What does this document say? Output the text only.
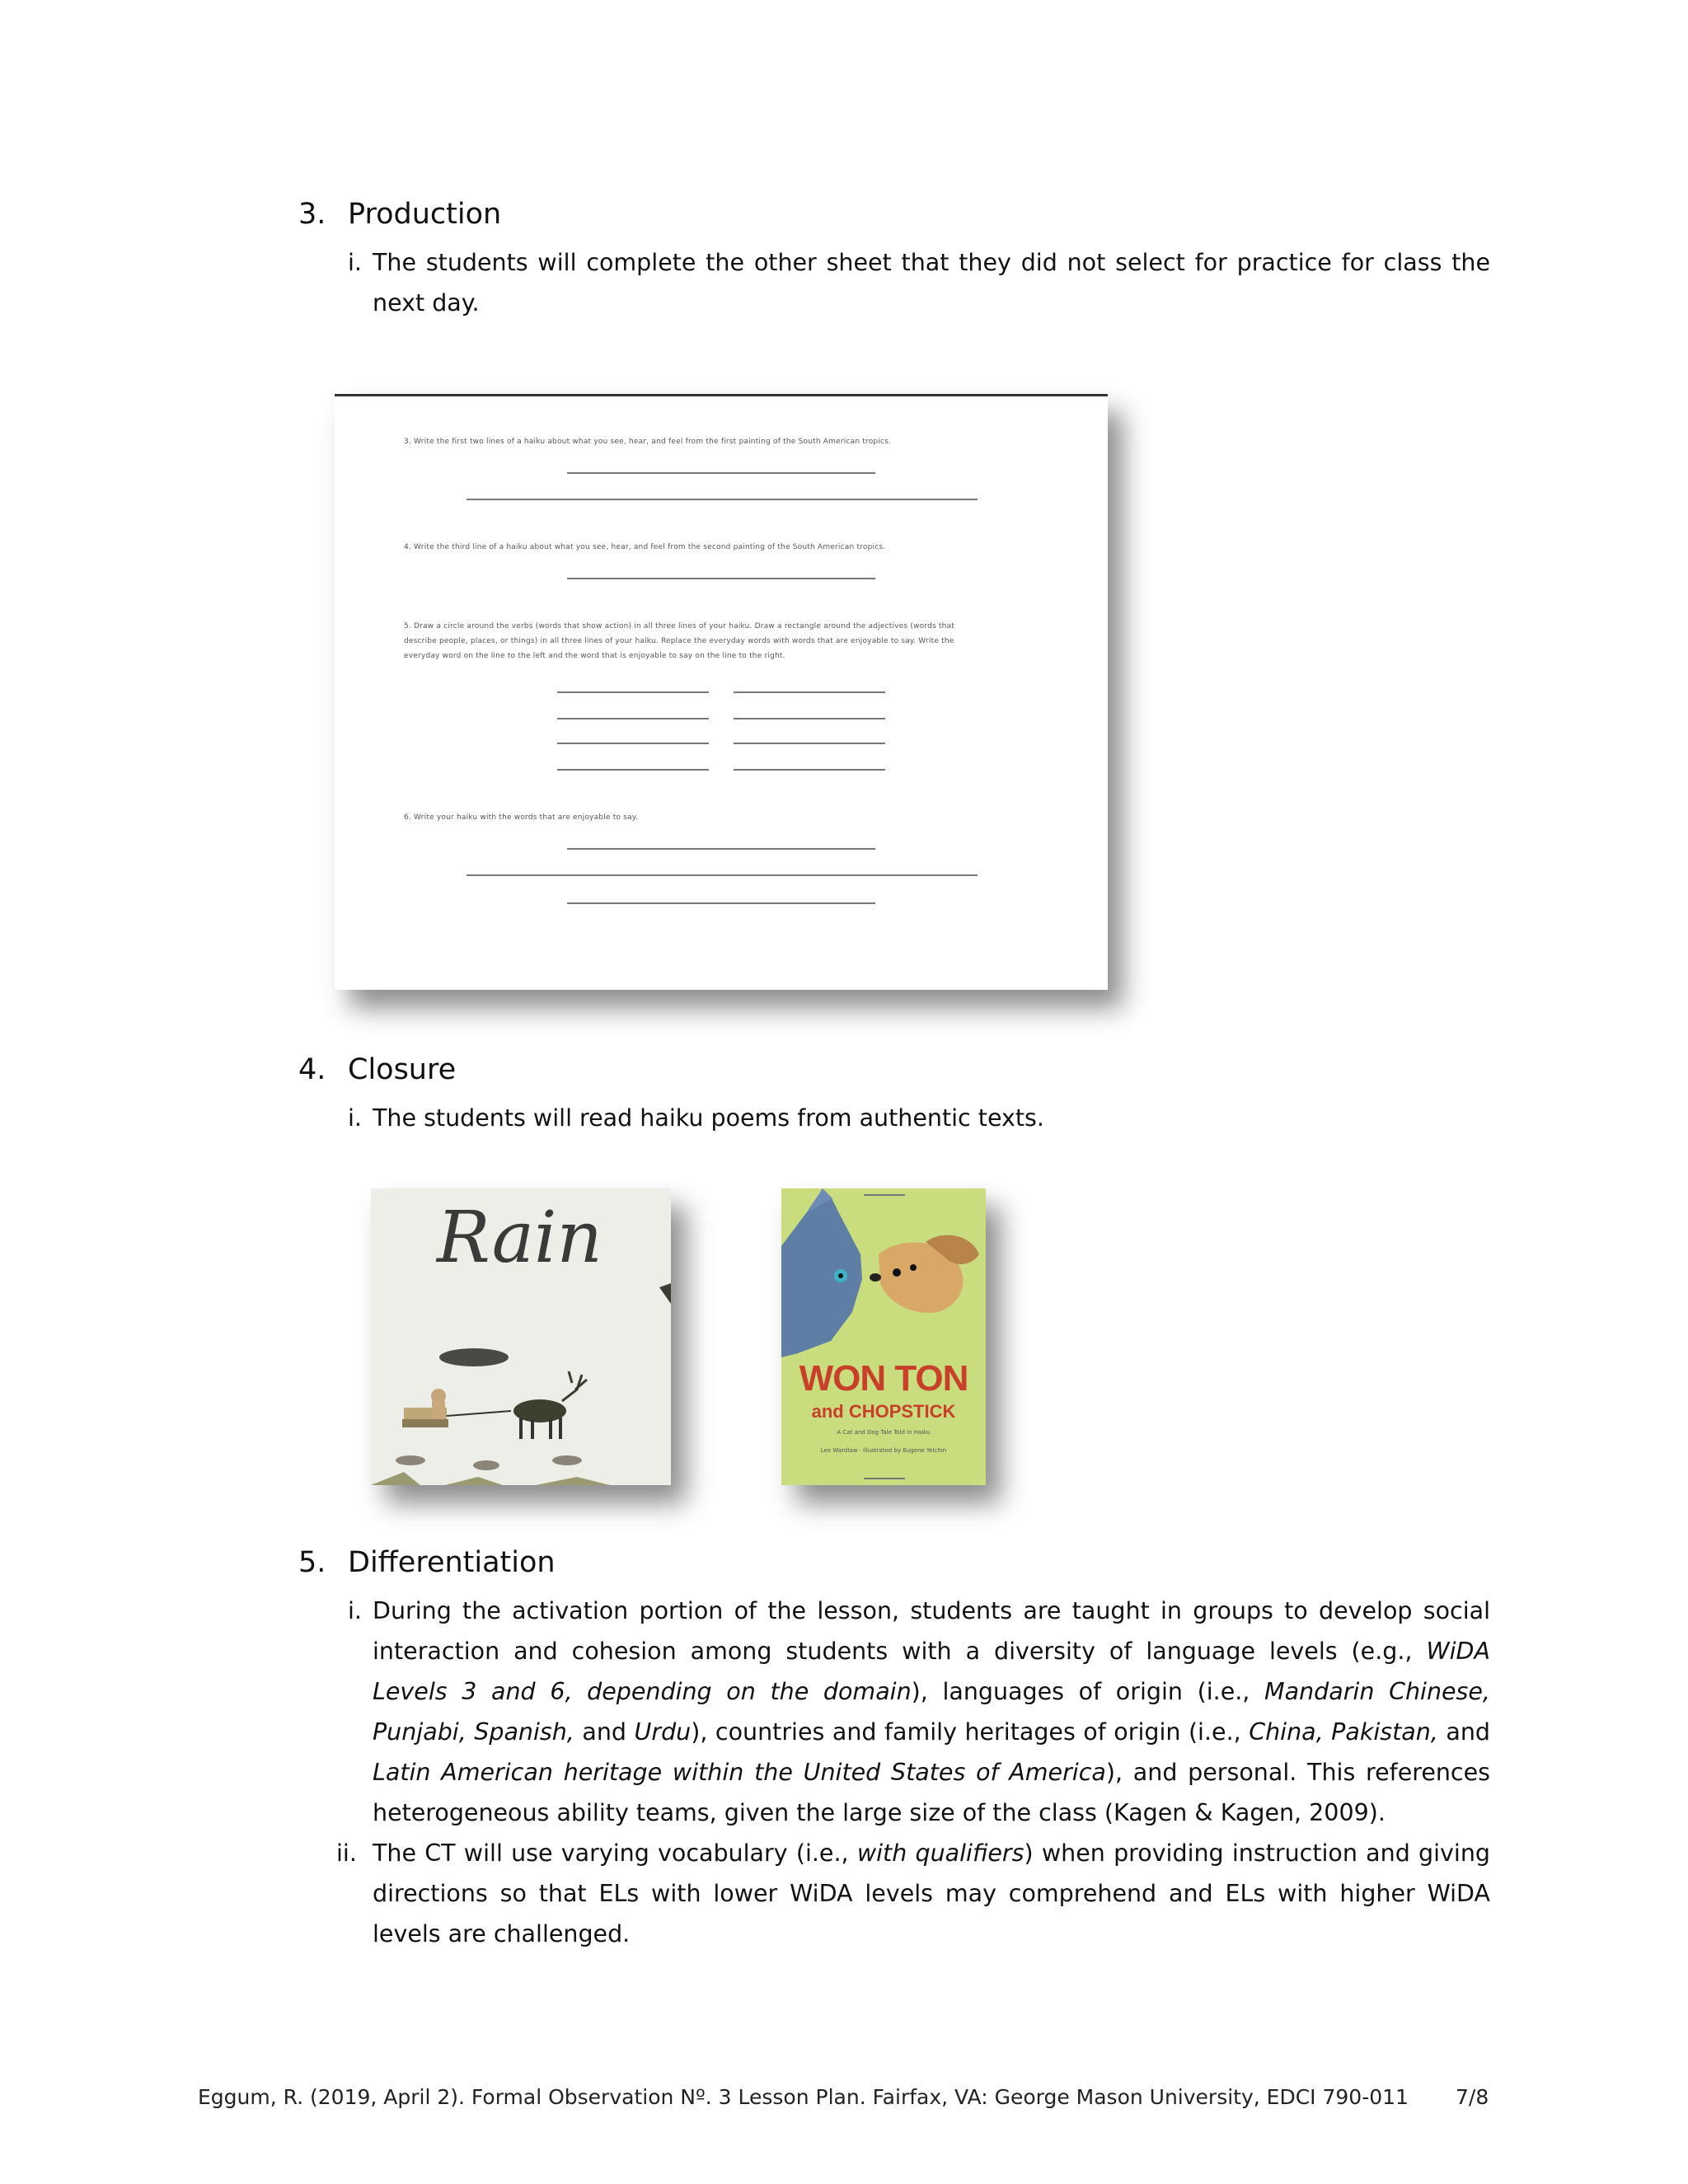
3. Production
i. The students will complete the other sheet that they did not select for practice for class the next day.
3. Write the first two lines of a haiku about what you see, hear, and feel from the first painting of the South American tropics.
4. Write the third line of a haiku about what you see, hear, and feel from the second painting of the South American tropics.
5. Draw a circle around the verbs (words that show action) in all three lines of your haiku. Draw a rectangle around the adjectives (words that
describe people, places, or things) in all three lines of your haiku. Replace the everyday words with words that are enjoyable to say. Write the
everyday word on the line to the left and the word that is enjoyable to say on the line to the right.
6. Write your haiku with the words that are enjoyable to say.
4. Closure
i. The students will read haiku poems from authentic texts.
Rain
WON TON
and CHOPSTICK
A Cat and Dog Tale Told in Haiku
Lee Wardlaw · illustrated by Eugene Yelchin
5. Differentiation
i. During the activation portion of the lesson, students are taught in groups to develop social interaction and cohesion among students with a diversity of language levels (e.g., WiDA Levels 3 and 6, depending on the domain), languages of origin (i.e., Mandarin Chinese, Punjabi, Spanish, and Urdu), countries and family heritages of origin (i.e., China, Pakistan, and Latin American heritage within the United States of America), and personal. This references heterogeneous ability teams, given the large size of the class (Kagen & Kagen, 2009).
ii. The CT will use varying vocabulary (i.e., with qualifiers) when providing instruction and giving directions so that ELs with lower WiDA levels may comprehend and ELs with higher WiDA levels are challenged.
Eggum, R. (2019, April 2). Formal Observation Nº. 3 Lesson Plan. Fairfax, VA: George Mason University, EDCI 790-011 7/8
